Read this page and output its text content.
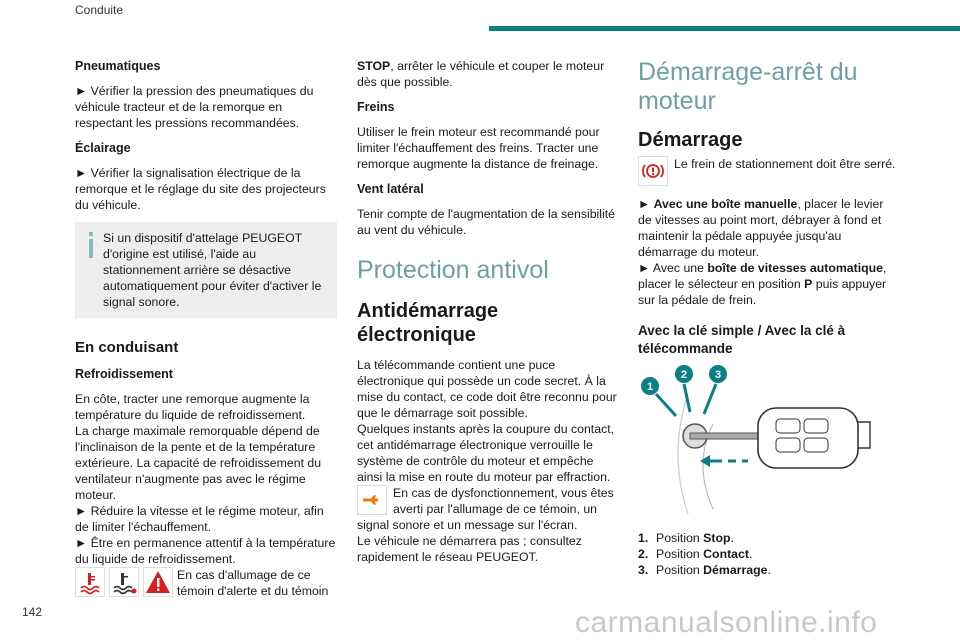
Conduite
Pneumatiques
► Vérifier la pression des pneumatiques du véhicule tracteur et de la remorque en respectant les pressions recommandées.
Éclairage
► Vérifier la signalisation électrique de la remorque et le réglage du site des projecteurs du véhicule.
Si un dispositif d'attelage PEUGEOT d'origine est utilisé, l'aide au stationnement arrière se désactive automatiquement pour éviter d'activer le signal sonore.
En conduisant
Refroidissement
En côte, tracter une remorque augmente la température du liquide de refroidissement.
La charge maximale remorquable dépend de l'inclinaison de la pente et de la température extérieure. La capacité de refroidissement du ventilateur n'augmente pas avec le régime moteur.
► Réduire la vitesse et le régime moteur, afin de limiter l'échauffement.
► Être en permanence attentif à la température du liquide de refroidissement.
En cas d'allumage de ce témoin d'alerte et du témoin
STOP, arrêter le véhicule et couper le moteur dès que possible.
Freins
Utiliser le frein moteur est recommandé pour limiter l'échauffement des freins. Tracter une remorque augmente la distance de freinage.
Vent latéral
Tenir compte de l'augmentation de la sensibilité au vent du véhicule.
Protection antivol
Antidémarrage électronique
La télécommande contient une puce électronique qui possède un code secret. À la mise du contact, ce code doit être reconnu pour que le démarrage soit possible.
Quelques instants après la coupure du contact, cet antidémarrage électronique verrouille le système de contrôle du moteur et empêche ainsi la mise en route du moteur par effraction.
En cas de dysfonctionnement, vous êtes averti par l'allumage de ce témoin, un signal sonore et un message sur l'écran.
Le véhicule ne démarrera pas ; consultez rapidement le réseau PEUGEOT.
Démarrage-arrêt du moteur
Démarrage
Le frein de stationnement doit être serré.
► Avec une boîte manuelle, placer le levier de vitesses au point mort, débrayer à fond et maintenir la pédale appuyée jusqu'au démarrage du moteur.
► Avec une boîte de vitesses automatique, placer le sélecteur en position P puis appuyer sur la pédale de frein.
Avec la clé simple / Avec la clé à télécommande
1
2	3
1. Position Stop.
2. Position Contact.
3. Position Démarrage.
142	carmanualsonline.info
